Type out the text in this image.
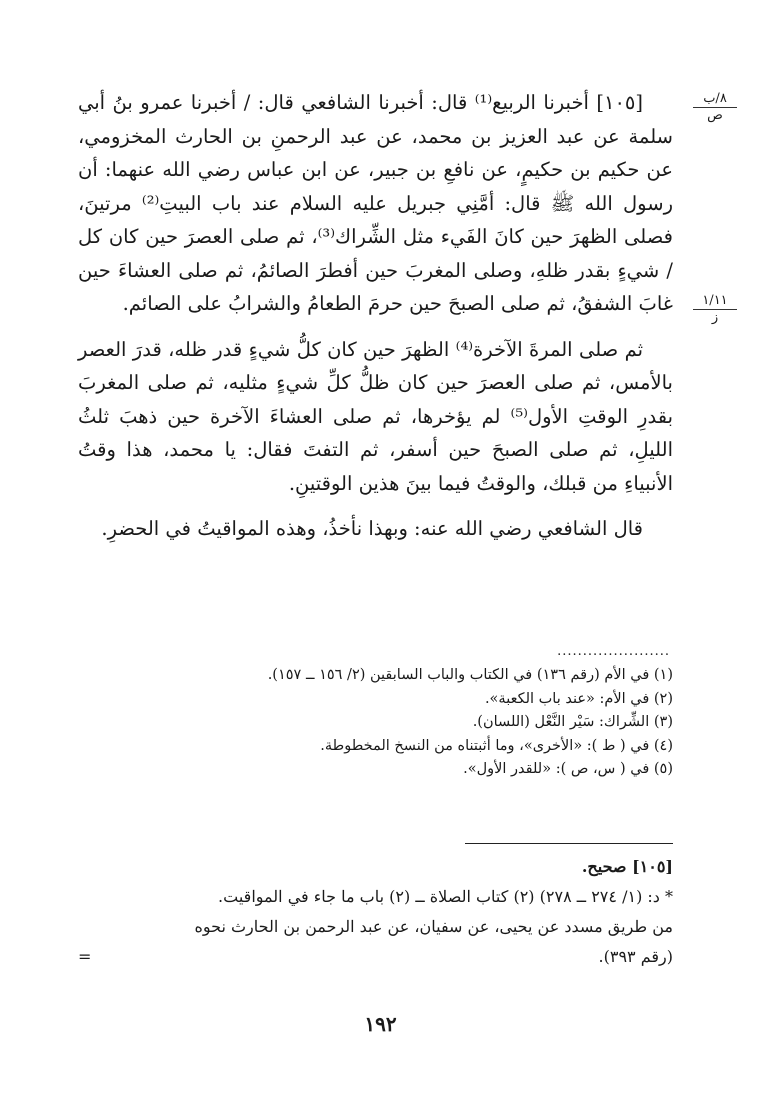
٨/ب
ص
١/١١
ز

[١٠٥] أخبرنا الربيع⁽¹⁾ قال: أخبرنا الشافعي قال: / أخبرنا عمرو بنُ أبي سلمة عن عبد العزيز بن محمد، عن عبد الرحمنِ بن الحارث المخزومي، عن حكيم بن حكيمٍ، عن نافعِ بن جبير، عن ابن عباس رضي الله عنهما: أن رسول الله ﷺ قال: أمَّنِي جبريل عليه السلام عند باب البيتِ⁽²⁾ مرتينَ، فصلى الظهرَ حين كانَ الفَيء مثل الشِّراك⁽³⁾، ثم صلى العصرَ حين كان كل / شيءٍ بقدر ظلهِ، وصلى المغربَ حين أفطرَ الصائمُ، ثم صلى العشاءَ حين غابَ الشفقُ، ثم صلى الصبحَ حين حرمَ الطعامُ والشرابُ على الصائم.

ثم صلى المرةَ الآخرة⁽⁴⁾ الظهرَ حين كان كلُّ شيءٍ قدر ظله، قدرَ العصر بالأمس، ثم صلى العصرَ حين كان ظلُّ كلِّ شيءٍ مثليه، ثم صلى المغربَ بقدرِ الوقتِ الأول⁽⁵⁾ لم يؤخرها، ثم صلى العشاءَ الآخرة حين ذهبَ ثلثُ الليلِ، ثم صلى الصبحَ حين أسفر، ثم التفتَ فقال: يا محمد، هذا وقتُ الأنبياءِ من قبلك، والوقتُ فيما بينَ هذين الوقتينِ.

قال الشافعي رضي الله عنه: وبهذا نأخذُ، وهذه المواقيتُ في الحضرِ.

......................
(١) في الأم (رقم ١٣٦) في الكتاب والباب السابقين (٢/ ١٥٦ ــ ١٥٧).
(٢) في الأم: «عند باب الكعبة».
(٣) الشِّراك: سَيْر النَّعْل (اللسان).
(٤) في ( ط ): «الأخرى»، وما أثبتناه من النسخ المخطوطة.
(٥) في ( س، ص ): «للقدر الأول».
[١٠٥] صحيح.
* د: (١/ ٢٧٤ ــ ٢٧٨) (٢) كتاب الصلاة ــ (٢) باب ما جاء في المواقيت.
من طريق مسدد عن يحيى، عن سفيان، عن عبد الرحمن بن الحارث نحوه
(رقم ٣٩٣).
=
١٩٢
